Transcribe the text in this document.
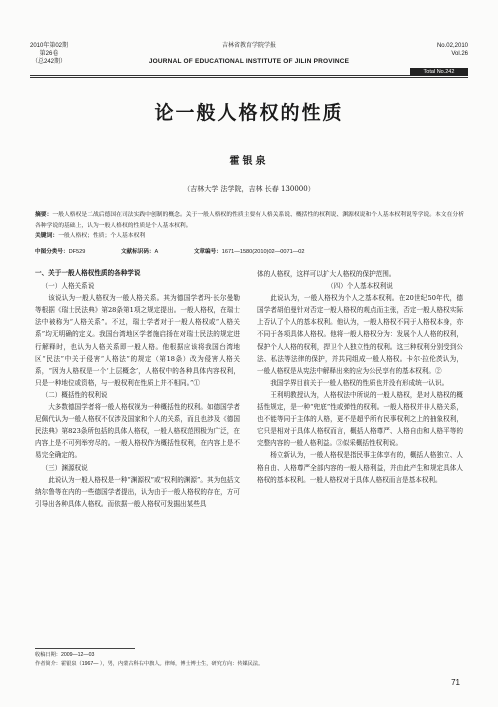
2010年第02期
第26卷
（总242期）
吉林省教育学院学报
JOURNAL OF EDUCATIONAL INSTITUTE OF JILIN PROVINCE
No.02,2010
Vol.26
Total No.242
论一般人格权的性质
霍银泉
（吉林大学 法学院，吉林 长春 130000）
摘要：一般人格权是二战后德国在司法实践中创制的概念。关于一般人格权的性质主要有人格关系说、概括性的权利说、渊源权说和个人基本权利说等学说。本文在分析各种学说的基础上，认为一般人格权的性质是个人基本权利。
关键词：一般人格权；性质；个人基本权利
中图分类号：DF529	文献标识码：A	文章编号：1671—1580(2010)02—0071—02

一、关于一般人格权性质的各种学说

（一）人格关系说

该说认为一般人格权为一般人格关系。其为德国学者玛·长尔曼勒等根据《瑞士民法典》第28条第1项之规定提出。一般人格权，在瑞士法中被称为“人格关系”。不过，瑞士学者对于一般人格权或“人格关系”均无明确的定义。我国台湾地区学者施启扬在对瑞士民法的规定进行解释时，也认为人格关系即一般人格。他根据应该将我国台湾地区“民法”中关于侵害“人格法”的规定（第18条）改为侵害人格关系，“因为人格权是一个‘上层概念’，人格权中的各种具体内容权利，只是一种地位或资格，与一般权利在性质上并不相同。”①

（二）概括性的权利说

大多数德国学者将一般人格权视为一种概括性的权利。如德国学者尼佩代认为一般人格权不仅涉及国家和个人的关系，而且也涉及《德国民法典》第823条所包括的具体人格权，一般人格权范围极为广泛，在内容上是不可列举穷尽的。一般人格权作为概括性权利，在内容上是不易完全确定的。

（三）渊源权说

此说认为一般人格权是一种“渊源权”或“权利的渊源”。其为包括文纳尔鲁等在内的一些德国学者提出，认为由于一般人格权的存在，方可引导出各种具体人格权。而依据一般人格权可发掘出某些具

体的人格权，这样可以扩大人格权的保护范围。

（四）个人基本权利说

此说认为，一般人格权为个人之基本权利。在20世纪50年代，德国学者胡伯曼针对否定一般人格权的观点而主张，否定一般人格权实际上否认了个人的基本权利。他认为，一般人格权不同于人格权本身，亦不同于各项具体人格权。他将一般人格权分为：发展个人人格的权利，保护个人人格的权利，捍卫个人独立性的权利。这三种权利分别受到公法、私法等法律的保护，并共同组成一般人格权。卡尔·拉伦茨认为，一般人格权是从宪法中解释出来的应为公民享有的基本权利。②

我国学界目前关于一般人格权的性质也并没有形成统一认识。

王利明教授认为，人格权法中所说的一般人格权，是对人格权的概括性规定，是一种“兜底”性或弹性的权利。一般人格权并非人格关系，也不能等同于主体的人格，更不是超乎所有民事权利之上的抽象权利，它只是相对于具体人格权而言，概括人格尊严、人格自由和人格平等的完整内容的一般人格利益。③似采概括性权利说。

杨立新认为，一般人格权是指民事主体享有的，概括人格独立、人格自由、人格尊严全部内容的一般人格利益，并由此产生和规定具体人格权的基本权利。一般人格权对于具体人格权而言是基本权利。

收稿日期：2009—12—03
作者简介：霍银泉（1967— ），男，内蒙古科右中旗人。律师，博士博士生，研究方向：传媒民法。
71
